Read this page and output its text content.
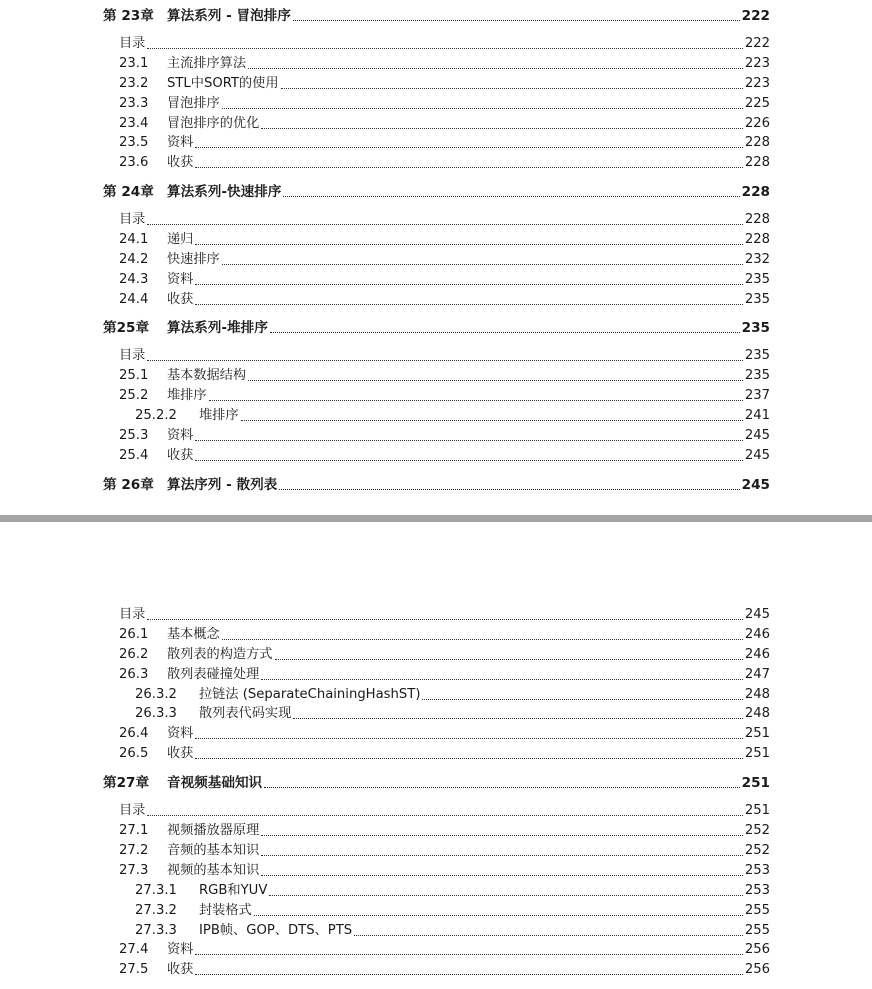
第 23章 算法系列 - 冒泡排序	222
目录	222
23.1	主流排序算法	223
23.2	STL中SORT的使用	223
23.3	冒泡排序	225
23.4	冒泡排序的优化	226
23.5	资料	228
23.6	收获	228
第 24章 算法系列-快速排序	228
目录	228
24.1	递归	228
24.2	快速排序	232
24.3	资料	235
24.4	收获	235
第25章	算法系列-堆排序	235
目录	235
25.1	基本数据结构	235
25.2	堆排序	237
25.2.2	堆排序	241
25.3	资料	245
25.4	收获	245
第 26章 算法序列 - 散列表	245
目录	245
26.1	基本概念	246
26.2	散列表的构造方式	246
26.3	散列表碰撞处理	247
26.3.2	拉链法 (SeparateChainingHashST)	248
26.3.3	散列表代码实现	248
26.4	资料	251
26.5	收获	251
第27章	音视频基础知识	251
目录	251
27.1	视频播放器原理	252
27.2	音频的基本知识	252
27.3	视频的基本知识	253
27.3.1	RGB和YUV	253
27.3.2	封装格式	255
27.3.3	IPB帧、GOP、DTS、PTS	255
27.4	资料	256
27.5	收获	256
